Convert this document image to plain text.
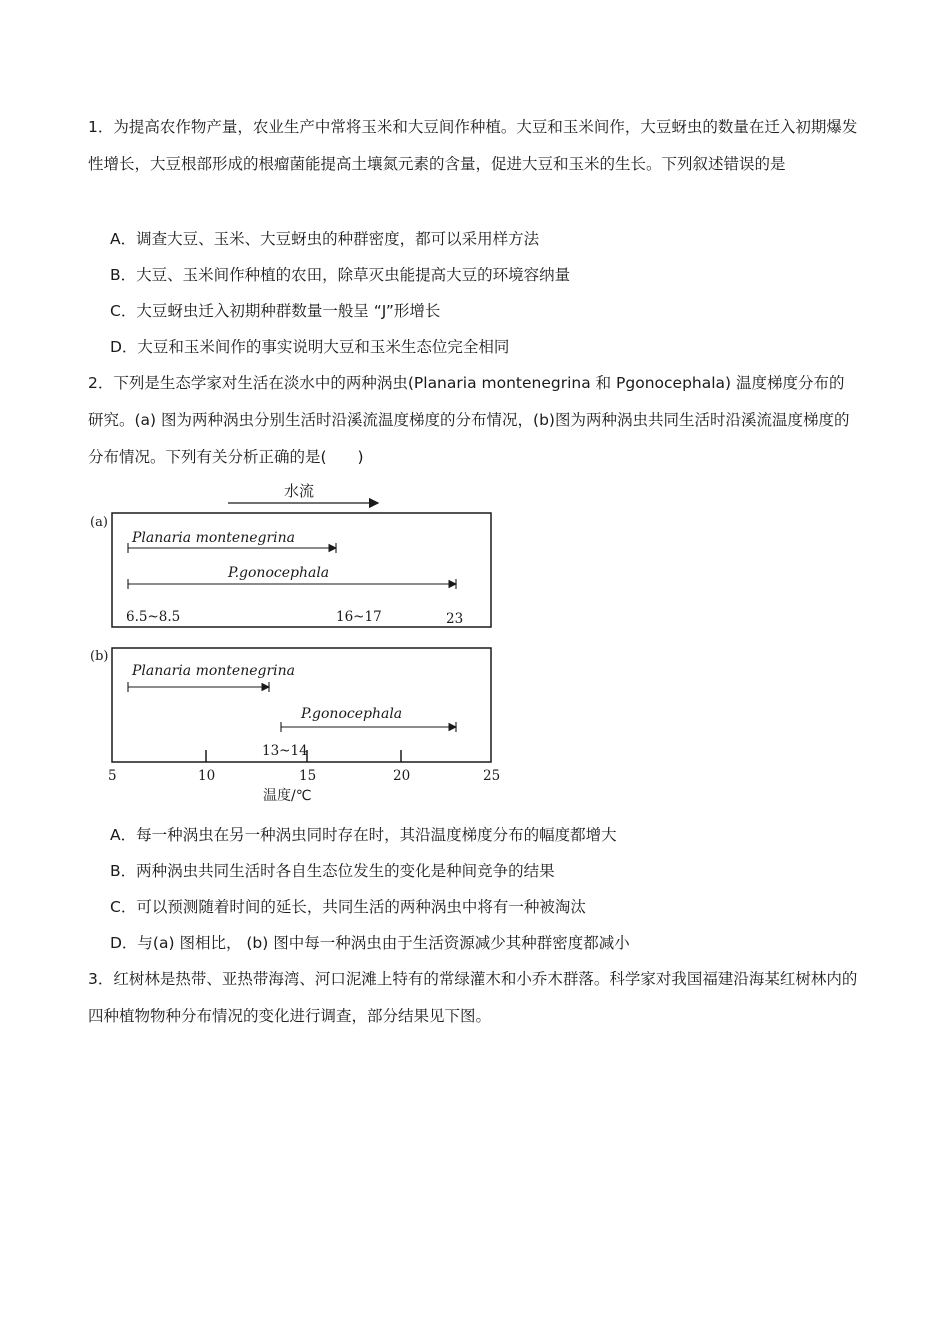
1．为提高农作物产量，农业生产中常将玉米和大豆间作种植。大豆和玉米间作，大豆蚜虫的数量在迁入初期爆发性增长，大豆根部形成的根瘤菌能提高土壤氮元素的含量，促进大豆和玉米的生长。下列叙述错误的是
A．调查大豆、玉米、大豆蚜虫的种群密度，都可以采用样方法
B．大豆、玉米间作种植的农田，除草灭虫能提高大豆的环境容纳量
C．大豆蚜虫迁入初期种群数量一般呈 “J”形增长
D．大豆和玉米间作的事实说明大豆和玉米生态位完全相同
2．下列是生态学家对生活在淡水中的两种涡虫(Planaria montenegrina 和 Pgonocephala) 温度梯度分布的研究。(a) 图为两种涡虫分别生活时沿溪流温度梯度的分布情况，(b)图为两种涡虫共同生活时沿溪流温度梯度的分布情况。下列有关分析正确的是(　　)
水流
(a)
Planaria montenegrina
P.gonocephala
6.5~8.5	16~17	23
(b)
Planaria montenegrina
P.gonocephala
13~14
5	10	15	20	25
温度/℃
A．每一种涡虫在另一种涡虫同时存在时，其沿温度梯度分布的幅度都增大
B．两种涡虫共同生活时各自生态位发生的变化是种间竞争的结果
C．可以预测随着时间的延长，共同生活的两种涡虫中将有一种被淘汰
D．与(a) 图相比， (b) 图中每一种涡虫由于生活资源减少其种群密度都减小
3．红树林是热带、亚热带海湾、河口泥滩上特有的常绿灌木和小乔木群落。科学家对我国福建沿海某红树林内的四种植物物种分布情况的变化进行调查，部分结果见下图。
